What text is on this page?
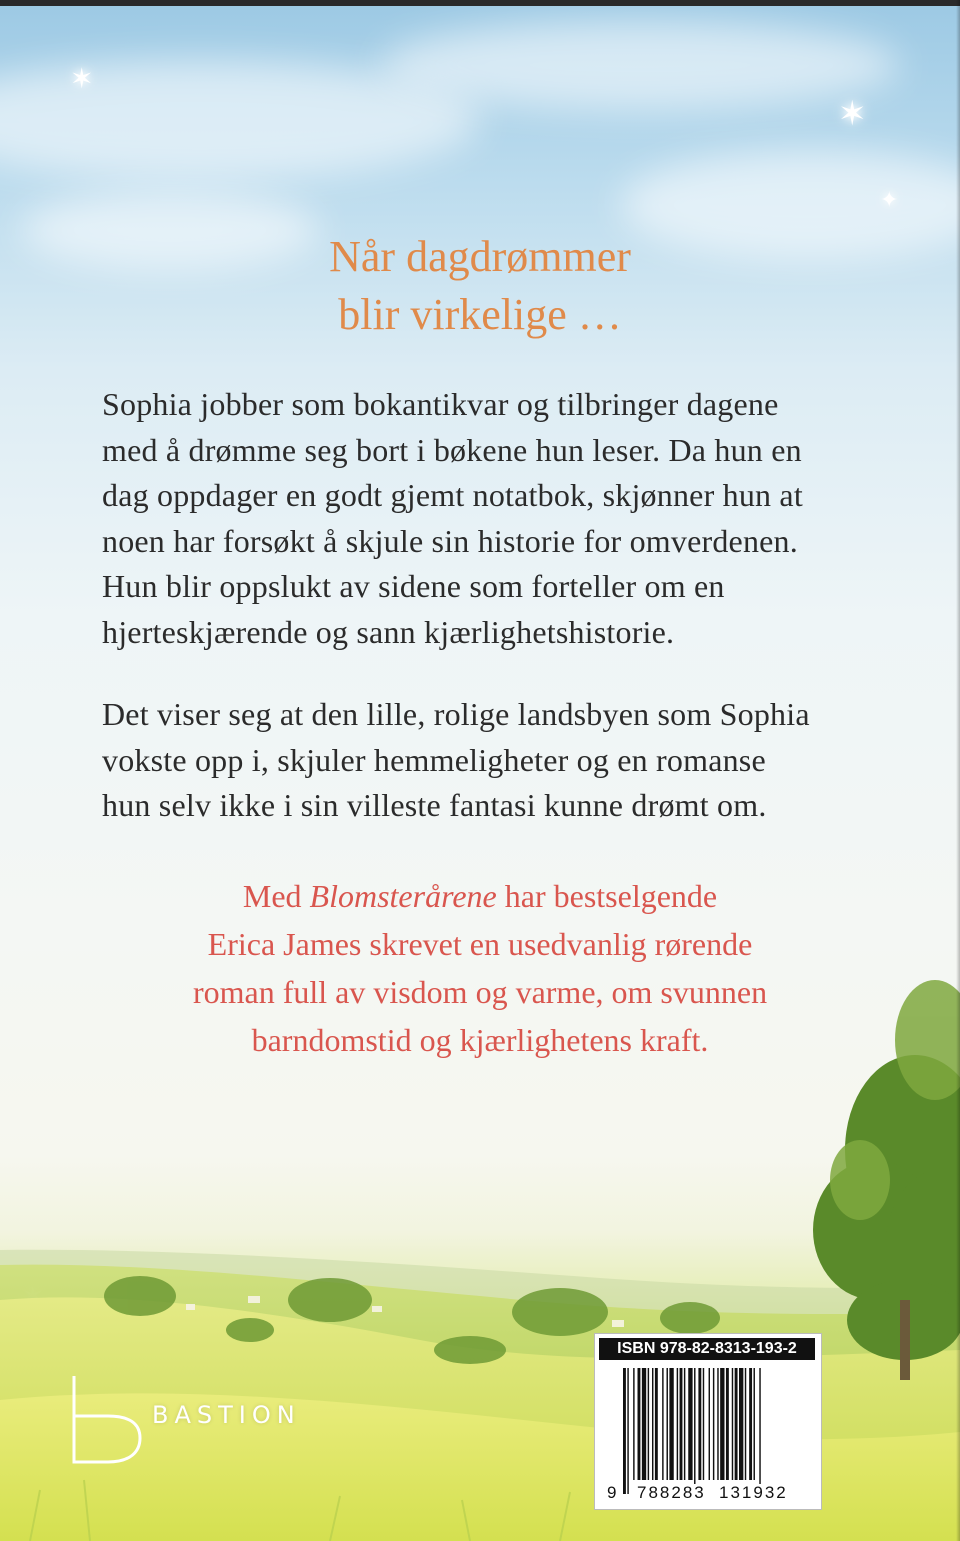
✶
✶
✦
Når dagdrømmer
blir virkelige …

Sophia jobber som bokantikvar og tilbringer dagene
med å drømme seg bort i bøkene hun leser. Da hun en
dag oppdager en godt gjemt notatbok, skjønner hun at
noen har forsøkt å skjule sin historie for omverdenen.
Hun blir oppslukt av sidene som forteller om en
hjerteskjærende og sann kjærlighetshistorie.

Det viser seg at den lille, rolige landsbyen som Sophia
vokste opp i, skjuler hemmeligheter og en romanse
hun selv ikke i sin villeste fantasi kunne drømt om.

Med Blomsterårene har bestselgende
Erica James skrevet en usedvanlig rørende
roman full av visdom og varme, om svunnen
barndomstid og kjærlighetens kraft.

BASTION
ISBN 978-82-8313-193-2
9 788283 131932
